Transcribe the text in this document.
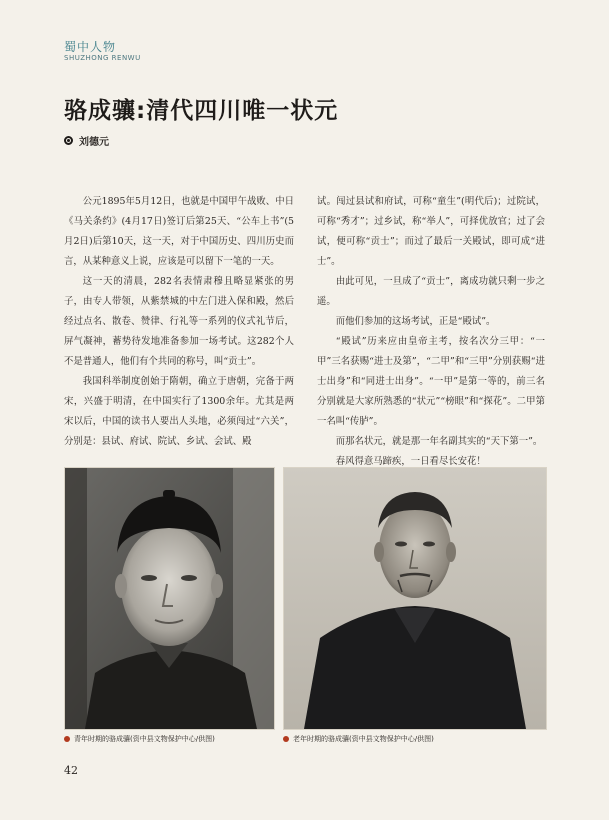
蜀中人物
SHUZHONG RENWU
骆成骧:清代四川唯一状元
刘德元

公元1895年5月12日，也就是中国甲午战败、中日《马关条约》(4月17日)签订后第25天、“公车上书”(5月2日)后第10天，这一天，对于中国历史、四川历史而言，从某种意义上说，应该是可以留下一笔的一天。

这一天的清晨，282名表情肃穆且略显紧张的男子，由专人带领，从紫禁城的中左门进入保和殿，然后经过点名、散卷、赞律、行礼等一系列的仪式礼节后，屏气凝神，蓄势待发地准备参加一场考试。这282个人不是普通人，他们有个共同的称号，叫“贡士”。

我国科举制度创始于隋朝，确立于唐朝，完备于两宋，兴盛于明清，在中国实行了1300余年。尤其是两宋以后，中国的读书人要出人头地，必须闯过“六关”，分别是：县试、府试、院试、乡试、会试、殿

试。闯过县试和府试，可称“童生”(明代后)；过院试，可称“秀才”；过乡试，称“举人”，可择优放官；过了会试，便可称“贡士”；而过了最后一关殿试，即可成“进士”。

由此可见，一旦成了“贡士”，离成功就只剩一步之遥。

而他们参加的这场考试，正是“殿试”。

“殿试”历来应由皇帝主考，按名次分三甲：“一甲”三名获赐“进士及第”，“二甲”和“三甲”分别获赐“进士出身”和“同进士出身”。“一甲”是第一等的，前三名分别就是大家所熟悉的“状元”“榜眼”和“探花”。二甲第一名叫“传胪”。

而那名状元，就是那一年名副其实的“天下第一”。

春风得意马蹄疾，一日看尽长安花！

青年时期的骆成骧(资中县文物保护中心/供图)	老年时期的骆成骧(资中县文物保护中心/供图)
42
